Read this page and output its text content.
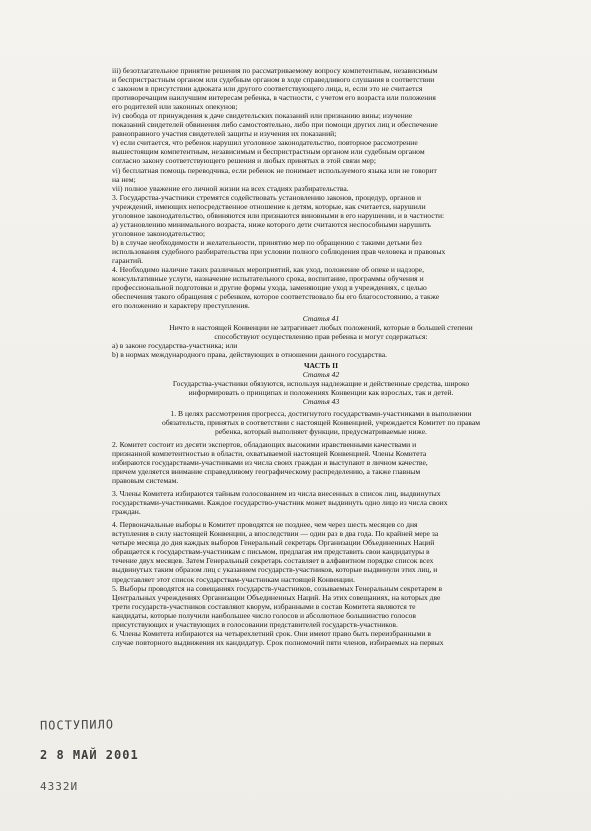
iii) безотлагательное принятие решения по рассматриваемому вопросу компетентным, независимым

и беспристрастным органом или судебным органом в ходе справедливого слушания в соответствии

с законом в присутствии адвоката или другого соответствующего лица, и, если это не считается

противоречащим наилучшим интересам ребенка, в частности, с учетом его возраста или положения

его родителей или законных опекунов;

iv) свобода от принуждения к даче свидетельских показаний или признанию вины; изучение

показаний свидетелей обвинения либо самостоятельно, либо при помощи других лиц и обеспечение

равноправного участия свидетелей защиты и изучения их показаний;

v) если считается, что ребенок нарушил уголовное законодательство, повторное рассмотрение

вышестоящим компетентным, независимым и беспристрастным органом или судебным органом

согласно закону соответствующего решения и любых принятых в этой связи мер;

vi) бесплатная помощь переводчика, если ребенок не понимает используемого языка или не говорит

на нем;

vii) полное уважение его личной жизни на всех стадиях разбирательства.

3. Государства-участники стремятся содействовать установлению законов, процедур, органов и

учреждений, имеющих непосредственное отношение к детям, которые, как считается, нарушили

уголовное законодательство, обвиняются или признаются виновными в его нарушении, и в частности:

a) установлению минимального возраста, ниже которого дети считаются неспособными нарушить

уголовное законодательство;

b) в случае необходимости и желательности, принятию мер по обращению с такими детьми без

использования судебного разбирательства при условии полного соблюдения прав человека и правовых

гарантий.

4. Необходимо наличие таких различных мероприятий, как уход, положение об опеке и надзоре,

консультативные услуги, назначение испытательного срока, воспитание, программы обучения и

профессиональной подготовки и другие формы ухода, заменяющие уход в учреждениях, с целью

обеспечения такого обращения с ребенком, которое соответствовало бы его благосостоянию, а также

его положению и характеру преступления.

Статья 41

Ничто в настоящей Конвенции не затрагивает любых положений, которые в большей степени

способствуют осуществлению прав ребенка и могут содержаться:

a) в законе государства-участника; или

b) в нормах международного права, действующих в отношении данного государства.

ЧАСТЬ II

Статья 42

Государства-участники обязуются, используя надлежащие и действенные средства, широко

информировать о принципах и положениях Конвенции как взрослых, так и детей.

Статья 43

1. В целях рассмотрения прогресса, достигнутого государствами-участниками в выполнении

обязательств, принятых в соответствии с настоящей Конвенцией, учреждается Комитет по правам

ребенка, который выполняет функции, предусматриваемые ниже.

2. Комитет состоит из десяти экспертов, обладающих высокими нравственными качествами и

признанной компетентностью в области, охватываемой настоящей Конвенцией. Члены Комитета

избираются государствами-участниками из числа своих граждан и выступают в личном качестве,

причем уделяется внимание справедливому географическому распределению, а также главным

правовым системам.

3. Члены Комитета избираются тайным голосованием из числа внесенных в список лиц, выдвинутых

государствами-участниками. Каждое государство-участник может выдвинуть одно лицо из числа своих

граждан.

4. Первоначальные выборы в Комитет проводятся не позднее, чем через шесть месяцев со дня

вступления в силу настоящей Конвенции, а впоследствии — один раз в два года. По крайней мере за

четыре месяца до дня каждых выборов Генеральный секретарь Организации Объединенных Наций

обращается к государствам-участникам с письмом, предлагая им представить свои кандидатуры в

течение двух месяцев. Затем Генеральный секретарь составляет в алфавитном порядке список всех

выдвинутых таким образом лиц с указанием государств-участников, которые выдвинули этих лиц, и

представляет этот список государствам-участникам настоящей Конвенции.

5. Выборы проводятся на совещаниях государств-участников, созываемых Генеральным секретарем в

Центральных учреждениях Организации Объединенных Наций. На этих совещаниях, на которых две

трети государств-участников составляют кворум, избранными в состав Комитета являются те

кандидаты, которые получили наибольшее число голосов и абсолютное большинство голосов

присутствующих и участвующих в голосовании представителей государств-участников.

6. Члены Комитета избираются на четырехлетний срок. Они имеют право быть переизбранными в

случае повторного выдвижения их кандидатур. Срок полномочий пяти членов, избираемых на первых

ПОСТУПИЛО
2 8 МАЙ 2001
4332И
